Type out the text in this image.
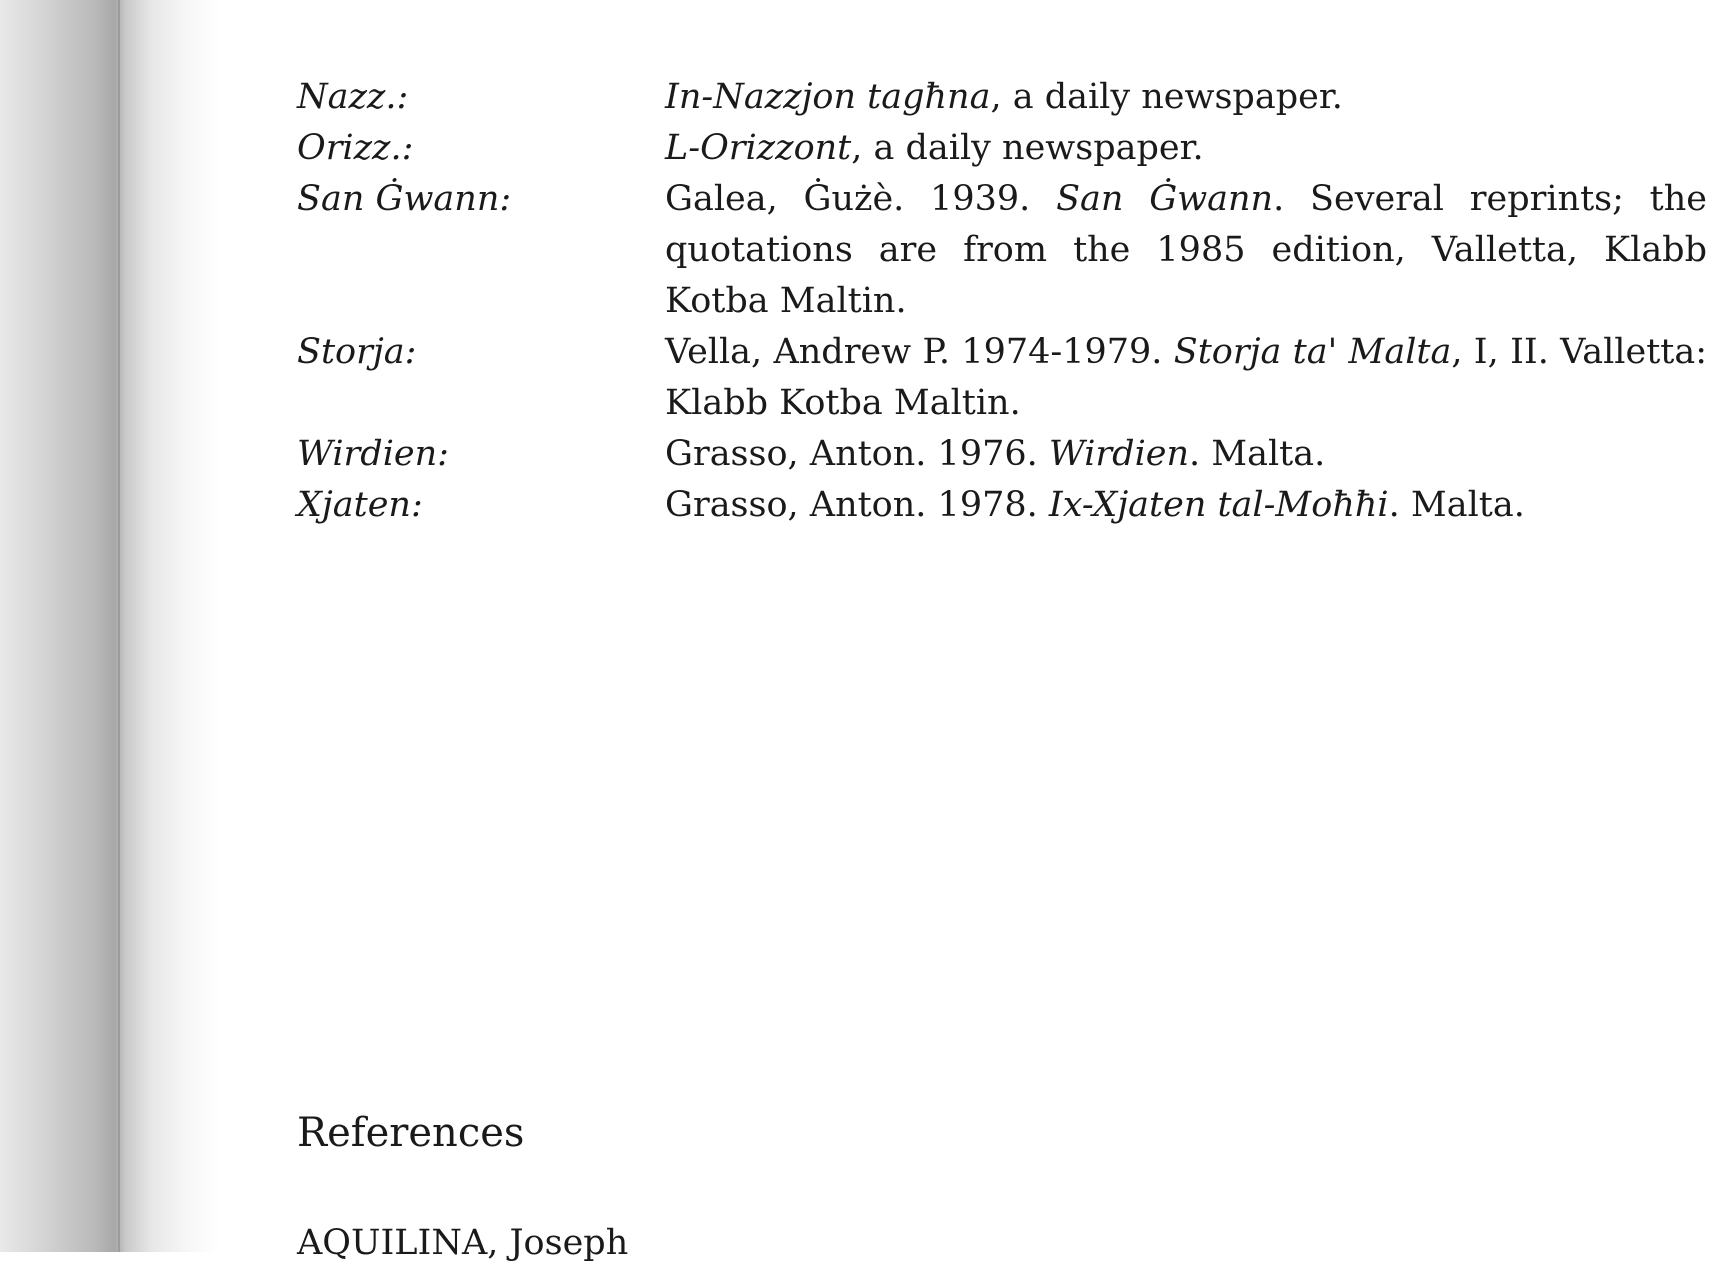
Nazz.:	In-Nazzjon tagħna, a daily newspaper.
Orizz.:	L-Orizzont, a daily newspaper.
San Ġwann:	Galea, Ġużè. 1939. San Ġwann. Several reprints; the quotations are from the 1985 edition, Valletta, Klabb Kotba Maltin.
Storja:	Vella, Andrew P. 1974-1979. Storja ta' Malta, I, II. Valletta: Klabb Kotba Maltin.
Wirdien:	Grasso, Anton. 1976. Wirdien. Malta.
Xjaten:	Grasso, Anton. 1978. Ix-Xjaten tal-Moħħi. Malta.
References

AQUILINA, Joseph
